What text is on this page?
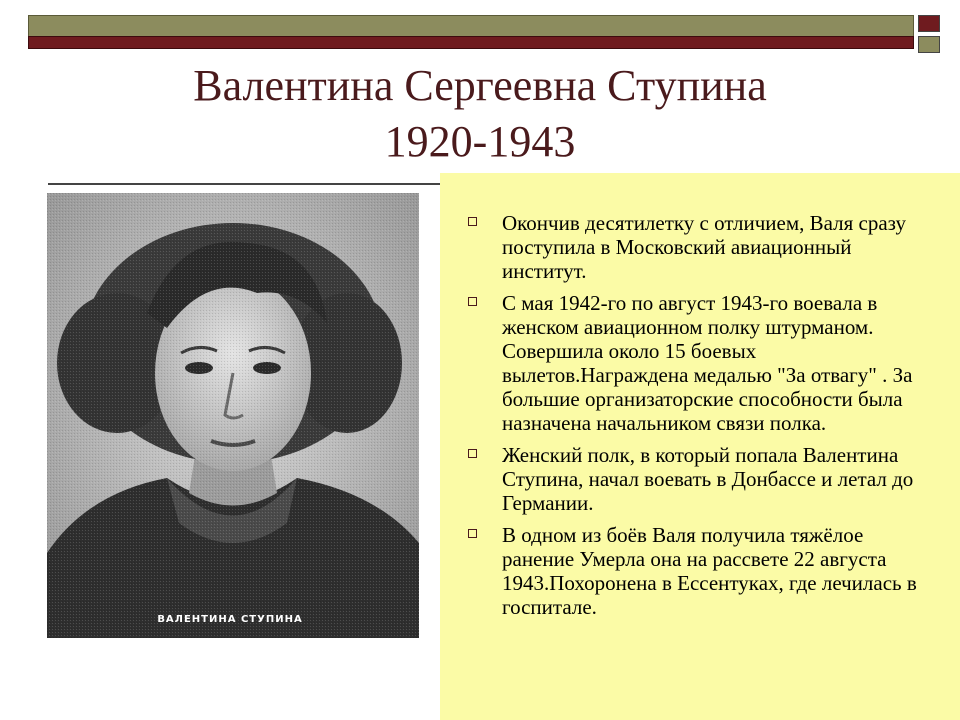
Валентина Сергеевна Ступина
1920-1943
ВАЛЕНТИНА СТУПИНА
Окончив десятилетку с отличием, Валя сразу поступила в Московский авиационный институт.
С мая 1942-го по август 1943-го воевала в женском авиационном полку штурманом. Совершила около 15 боевых вылетов.Награждена медалью "За отвагу" . За большие организаторские способности была назначена начальником связи полка.
Женский полк, в который попала Валентина Ступина, начал воевать в Донбассе и летал до Германии.
В одном из боёв Валя получила тяжёлое ранение Умерла она на рассвете 22 августа 1943.Похоронена в Ессентуках, где лечилась в госпитале.
